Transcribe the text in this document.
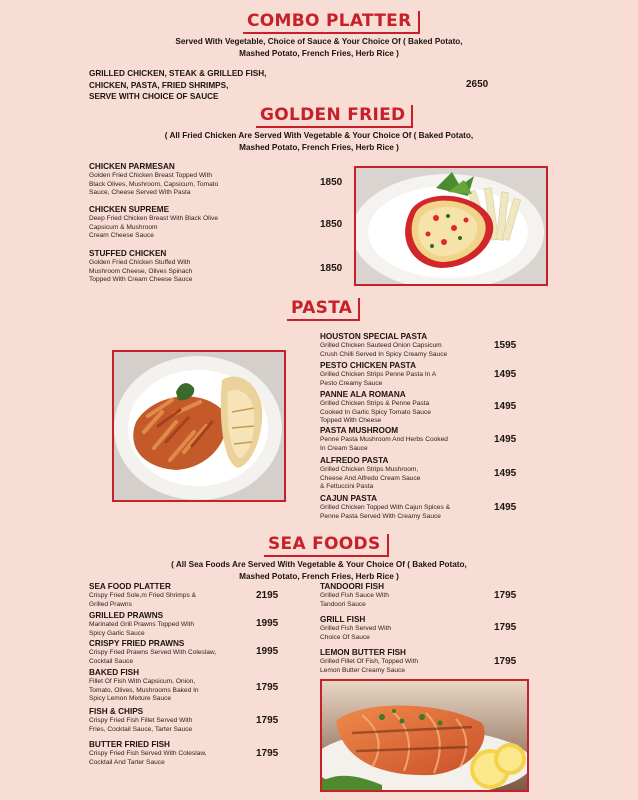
COMBO PLATTER
Served With Vegetable, Choice of Sauce & Your Choice Of ( Baked Potato,
Mashed Potato, French Fries, Herb Rice )
GRILLED CHICKEN, STEAK & GRILLED FISH,
CHICKEN, PASTA, FRIED SHRIMPS,
SERVE WITH CHOICE OF SAUCE
2650
GOLDEN FRIED
( All Fried Chicken Are Served With Vegetable & Your Choice Of ( Baked Potato,
Mashed Potato, French Fries, Herb Rice )
CHICKEN PARMESAN
Golden Fried Chicken Breast Topped With
Black Olives, Mushroom, Capsicum, Tomato
Sauce, Cheese Served With Pasta
1850
CHICKEN SUPREME
Deep Fried Chicken Breast With Black Olive
Capsicum & Mushroom
Cream Cheese Sauce
1850
STUFFED CHICKEN
Golden Fried Chicken Stuffed With
Mushroom Cheese, Olives Spinach
Topped With Cream Cheese Sauce
1850
PASTA
HOUSTON SPECIAL PASTA
Grilled Chicken Sauteed Onion Capsicum
Crush Chilli Served In Spicy Creamy Sauce
1595
PESTO CHICKEN PASTA
Grilled Chicken Strips Penne Pasta In A
Pesto Creamy Sauce
1495
PANNE ALA ROMANA
Grilled Chicken Strips & Penne Pasta
Cooked In Garlic Spicy Tomato Sauce
Topped With Cheese
1495
PASTA MUSHROOM
Penne Pasta Mushroom And Herbs Cooked
In Cream Sauce
1495
ALFREDO PASTA
Grilled Chicken Strips Mushroom,
Cheese And Alfredo Cream Sauce
& Fettuccini Pasta
1495
CAJUN PASTA
Grilled Chicken Topped With Cajun Spices &
Penne Pasta Served With Creamy Sauce
1495
SEA FOODS
( All Sea Foods Are Served With Vegetable & Your Choice Of ( Baked Potato,
Mashed Potato, French Fries, Herb Rice )
SEA FOOD PLATTER
Crispy Fried Sole,m Fried Shrimps &
Grilled Prawns
2195
GRILLED PRAWNS
Marinated Grill Prawns Topped With
Spicy Garlic Sauce
1995
CRISPY FRIED PRAWNS
Crispy Fried Prawns Served With Coleslaw,
Cocktail Sauce
1995
BAKED FISH
Fillet Of Fish With Capsicum, Onion,
Tomato, Olives, Mushrooms Baked In
Spicy Lemon Mixture Sauce
1795
FISH & CHIPS
Crispy Fried Fish Fillet Served With
Fries, Cocktail Sauce, Tarter Sauce
1795
BUTTER FRIED FISH
Crispy Fried Fish Served With Coleslaw,
Cocktail And Tarter Sauce
1795
TANDOORI FISH
Grilled Fish Sauce With
Tandoori Sauce
1795
GRILL FISH
Grilled Fish Served With
Choice Of Sauce
1795
LEMON BUTTER FISH
Grilled Fillet Of Fish, Topped With
Lemon Butter Creamy Sauce
1795
